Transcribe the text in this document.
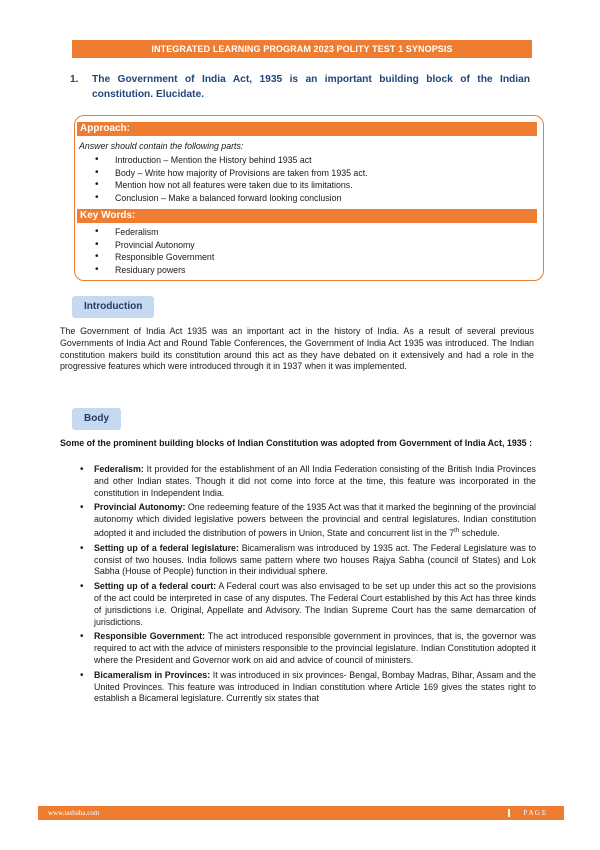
INTEGRATED LEARNING PROGRAM 2023 POLITY TEST 1 SYNOPSIS
1.	The Government of India Act, 1935 is an important building block of the Indian constitution. Elucidate.
Approach:
Answer should contain the following parts:
• Introduction – Mention the History behind 1935 act
• Body – Write how majority of Provisions are taken from 1935 act.
• Mention how not all features were taken due to its limitations.
• Conclusion – Make a balanced forward looking conclusion
Key Words:
• Federalism
• Provincial Autonomy
• Responsible Government
• Residuary powers
Introduction
The Government of India Act 1935 was an important act in the history of India. As a result of several previous Governments of India Act and Round Table Conferences, the Government of India Act 1935 was introduced. The Indian constitution makers build its constitution around this act as they have debated on it extensively and had a role in the progressive features which were introduced through it in 1937 when it was implemented.
Body
Some of the prominent building blocks of Indian Constitution was adopted from Government of India Act, 1935 :
• Federalism: It provided for the establishment of an All India Federation consisting of the British India Provinces and other Indian states. Though it did not come into force at the time, this feature was incorporated in the constitution in Independent India.
• Provincial Autonomy: One redeeming feature of the 1935 Act was that it marked the beginning of the provincial autonomy which divided legislative powers between the provincial and central legislatures. Indian constitution adopted it and included the distribution of powers in Union, State and concurrent list in the 7th schedule.
• Setting up of a federal legislature: Bicameralism was introduced by 1935 act. The Federal Legislature was to consist of two houses. India follows same pattern where two houses Rajya Sabha (council of States) and Lok Sabha (House of People) function in their individual sphere.
• Setting up of a federal court: A Federal court was also envisaged to be set up under this act so the provisions of the act could be interpreted in case of any disputes. The Federal Court established by this Act has three kinds of jurisdictions i.e. Original, Appellate and Advisory. The Indian Supreme Court has the same demarcation of jurisdictions.
• Responsible Government: The act introduced responsible government in provinces, that is, the governor was required to act with the advice of ministers responsible to the provincial legislature. Indian Constitution adopted it where the President and Governor work on aid and advice of council of ministers.
• Bicameralism in Provinces: It was introduced in six provinces- Bengal, Bombay Madras, Bihar, Assam and the United Provinces. This feature was introduced in Indian constitution where Article 169 gives the states right to establish a Bicameral legislature. Currently six states that
www.iasbaba.com	P A G E
